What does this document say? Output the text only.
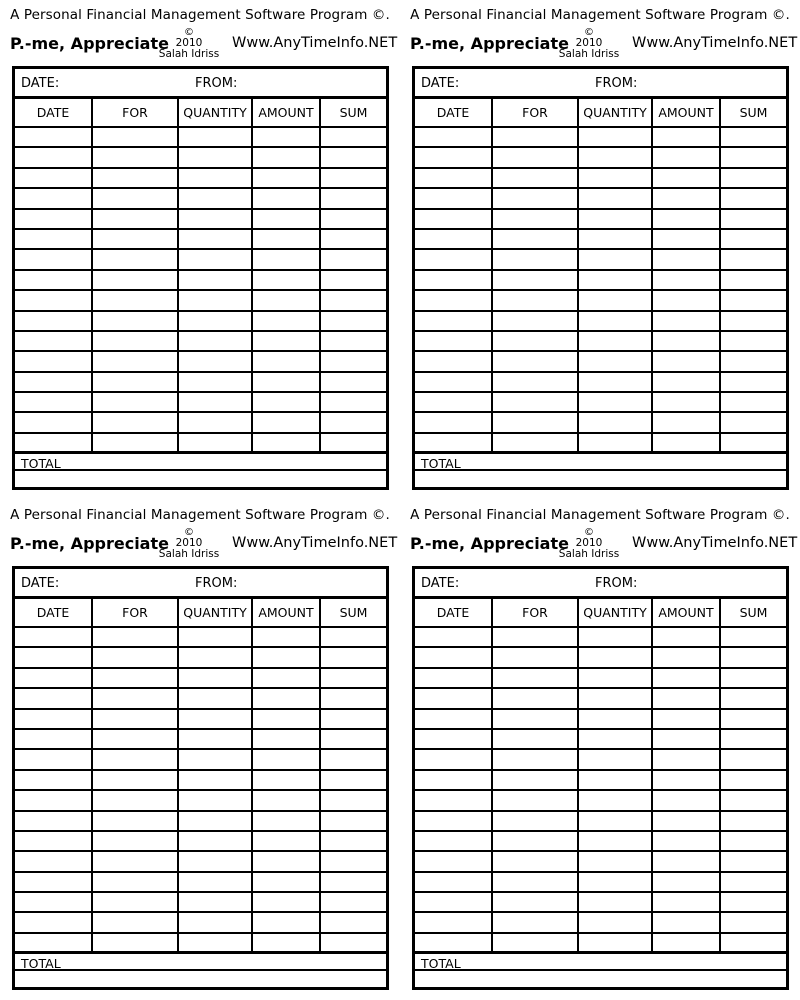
A Personal Financial Management Software Program ©.
P.-me, Appreciate
©
2010
Salah Idriss
Www.AnyTimeInfo.NET
DATE:	FROM:
DATE	FOR	QUANTITY	AMOUNT	SUM

TOTAL
A Personal Financial Management Software Program ©.
P.-me, Appreciate
©
2010
Salah Idriss
Www.AnyTimeInfo.NET
DATE:	FROM:
DATE	FOR	QUANTITY	AMOUNT	SUM

TOTAL
A Personal Financial Management Software Program ©.
P.-me, Appreciate
©
2010
Salah Idriss
Www.AnyTimeInfo.NET
DATE:	FROM:
DATE	FOR	QUANTITY	AMOUNT	SUM

TOTAL
A Personal Financial Management Software Program ©.
P.-me, Appreciate
©
2010
Salah Idriss
Www.AnyTimeInfo.NET
DATE:	FROM:
DATE	FOR	QUANTITY	AMOUNT	SUM

TOTAL
